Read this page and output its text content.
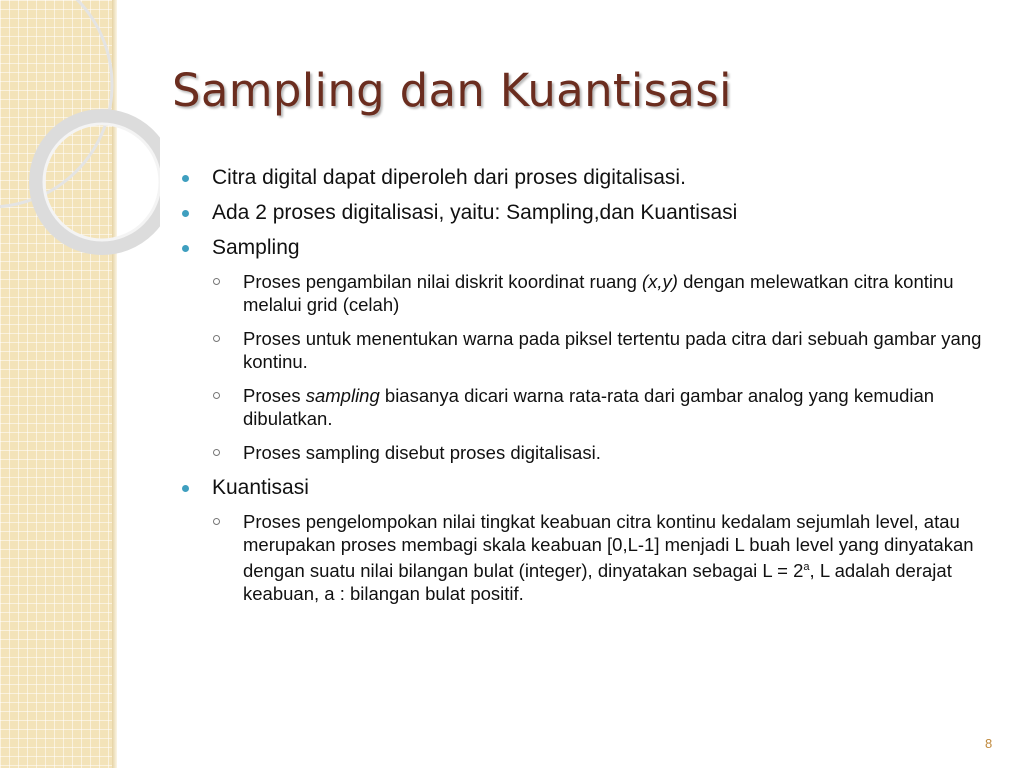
Sampling dan Kuantisasi
Citra digital dapat diperoleh dari proses digitalisasi.
Ada 2 proses digitalisasi, yaitu: Sampling,dan Kuantisasi
Sampling
Proses pengambilan nilai diskrit koordinat ruang (x,y) dengan melewatkan citra kontinu melalui grid (celah)
Proses untuk menentukan warna pada piksel tertentu pada citra dari sebuah gambar yang kontinu.
Proses sampling biasanya dicari warna rata-rata dari gambar analog yang kemudian dibulatkan.
Proses sampling disebut proses digitalisasi.
Kuantisasi
Proses pengelompokan nilai tingkat keabuan citra kontinu kedalam sejumlah level, atau merupakan proses membagi skala keabuan [0,L-1] menjadi L buah level yang dinyatakan dengan suatu nilai bilangan bulat (integer), dinyatakan sebagai $L = 2^a$, L adalah derajat keabuan, a : bilangan bulat positif.
8
